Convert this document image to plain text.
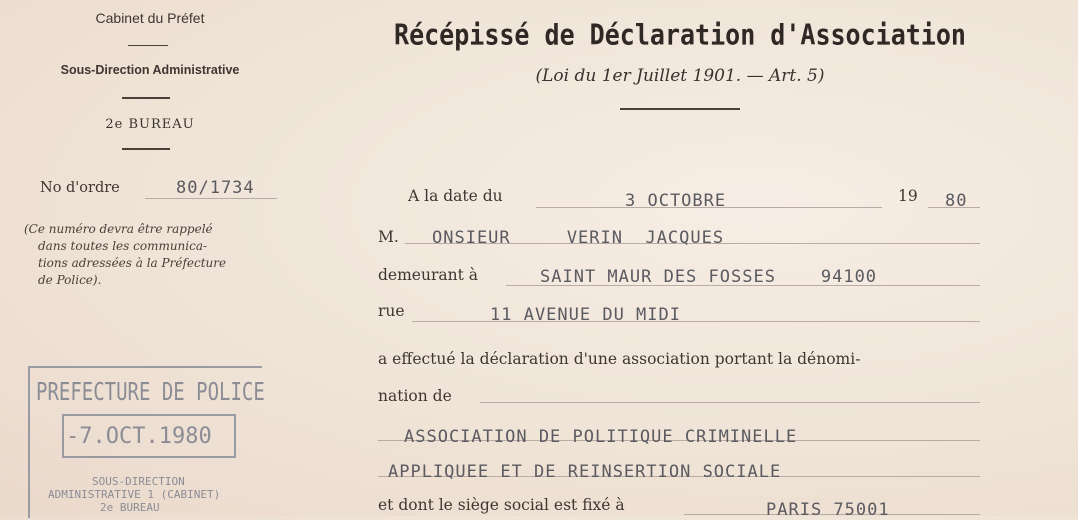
Cabinet du Préfet
Sous-Direction Administrative
2e BUREAU
No d'ordre	80/1734
(Ce numéro devra être rappelé
dans toutes les communica-
tions adressées à la Préfecture
de Police).
PREFECTURE DE POLICE
-7.OCT.1980
SOUS-DIRECTION
ADMINISTRATIVE 1 (CABINET)
2e BUREAU
Récépissé de Déclaration d'Association
(Loi du 1er Juillet 1901. — Art. 5)
A la date du	3 OCTOBRE	19 80
M. ONSIEUR     VERIN  JACQUES
demeurant à	SAINT MAUR DES FOSSES    94100
rue	11 AVENUE DU MIDI
a effectué la déclaration d'une association portant la dénomi-
nation de
ASSOCIATION DE POLITIQUE CRIMINELLE
APPLIQUEE ET DE REINSERTION SOCIALE
et dont le siège social est fixé à	PARIS 75001
